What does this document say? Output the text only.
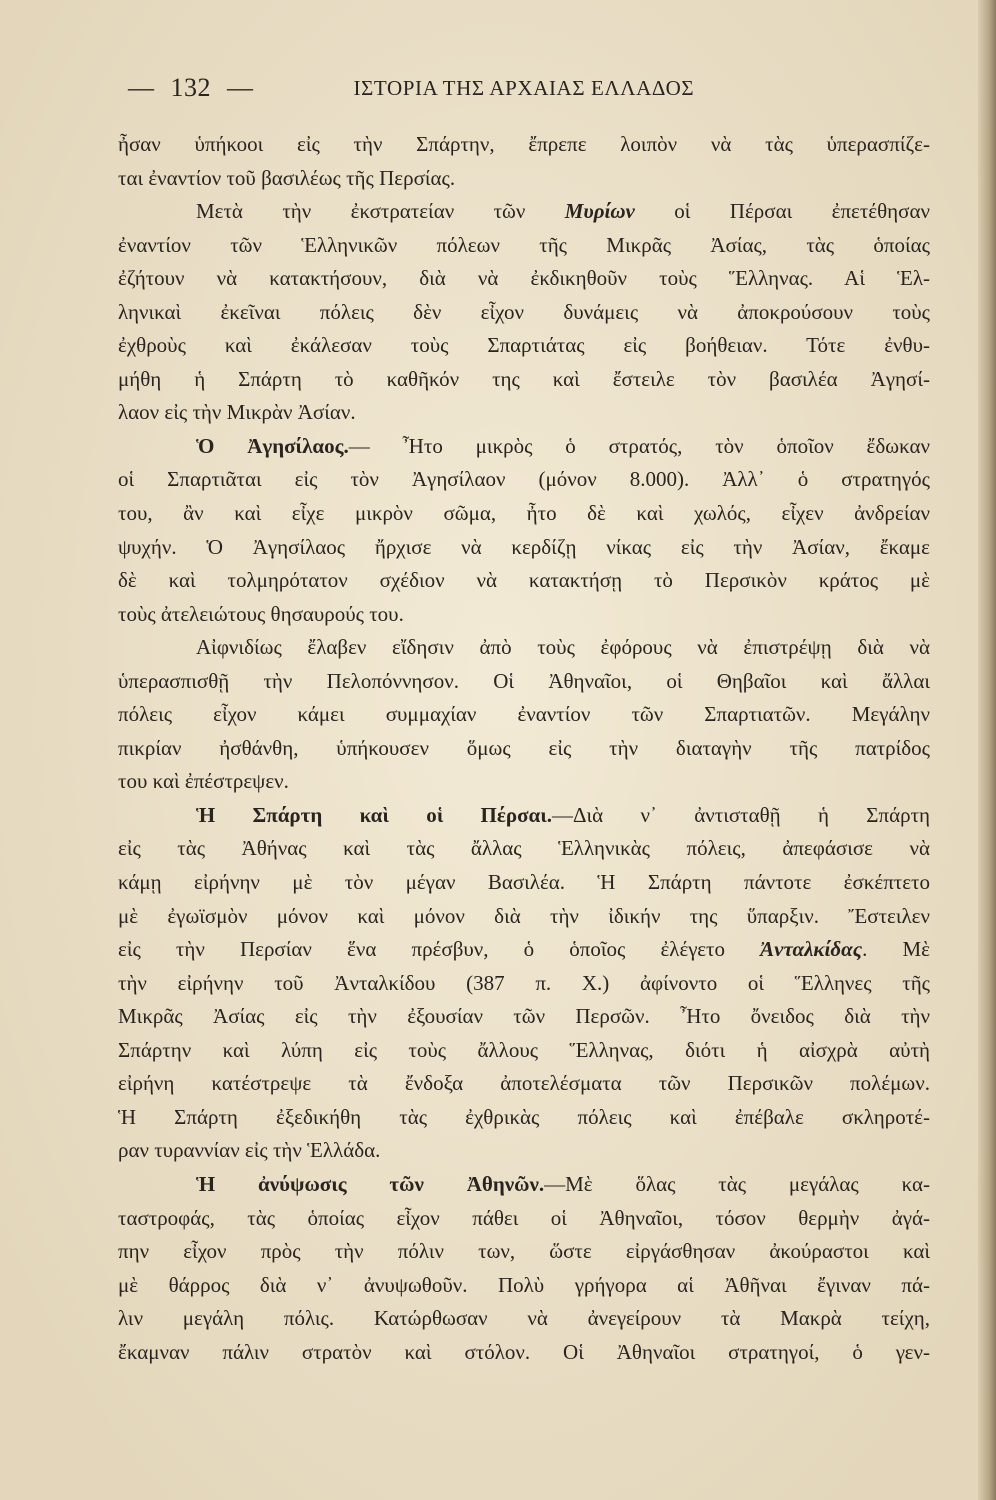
— 132 —	ΙΣΤΟΡΙΑ ΤΗΣ ΑΡΧΑΙΑΣ ΕΛΛΑΔΟΣ
ἦσαν ὑπήκοοι εἰς τὴν Σπάρτην, ἔπρεπε λοιπὸν νὰ τὰς ὑπερασπίζε-
ται ἐναντίον τοῦ βασιλέως τῆς Περσίας.
Μετὰ τὴν ἐκστρατείαν τῶν Μυρίων οἱ Πέρσαι ἐπετέθησαν
ἐναντίον τῶν Ἑλληνικῶν πόλεων τῆς Μικρᾶς Ἀσίας, τὰς ὁποίας
ἐζήτουν νὰ κατακτήσουν, διὰ νὰ ἐκδικηθοῦν τοὺς Ἕλληνας. Αἱ Ἑλ-
ληνικαὶ ἐκεῖναι πόλεις δὲν εἶχον δυνάμεις νὰ ἀποκρούσουν τοὺς
ἐχθροὺς καὶ ἐκάλεσαν τοὺς Σπαρτιάτας εἰς βοήθειαν. Τότε ἐνθυ-
μήθη ἡ Σπάρτη τὸ καθῆκόν της καὶ ἔστειλε τὸν βασιλέα Ἀγησί-
λαον εἰς τὴν Μικρὰν Ἀσίαν.
Ὁ Ἀγησίλαος.— Ἦτο μικρὸς ὁ στρατός, τὸν ὁποῖον ἔδωκαν
οἱ Σπαρτιᾶται εἰς τὸν Ἀγησίλαον (μόνον 8.000). Ἀλλ᾽ ὁ στρατηγός
του, ἂν καὶ εἶχε μικρὸν σῶμα, ἦτο δὲ καὶ χωλός, εἶχεν ἀνδρείαν
ψυχήν. Ὁ Ἀγησίλαος ἤρχισε νὰ κερδίζῃ νίκας εἰς τὴν Ἀσίαν, ἔκαμε
δὲ καὶ τολμηρότατον σχέδιον νὰ κατακτήσῃ τὸ Περσικὸν κράτος μὲ
τοὺς ἀτελειώτους θησαυρούς του.
Αἰφνιδίως ἔλαβεν εἴδησιν ἀπὸ τοὺς ἐφόρους νὰ ἐπιστρέψῃ διὰ νὰ
ὑπερασπισθῇ τὴν Πελοπόννησον. Οἱ Ἀθηναῖοι, οἱ Θηβαῖοι καὶ ἄλλαι
πόλεις εἶχον κάμει συμμαχίαν ἐναντίον τῶν Σπαρτιατῶν. Μεγάλην
πικρίαν ἠσθάνθη, ὑπήκουσεν ὅμως εἰς τὴν διαταγὴν τῆς πατρίδος
του καὶ ἐπέστρεψεν.
Ἡ Σπάρτη καὶ οἱ Πέρσαι.—Διὰ ν᾽ ἀντισταθῇ ἡ Σπάρτη
εἰς τὰς Ἀθήνας καὶ τὰς ἄλλας Ἑλληνικὰς πόλεις, ἀπεφάσισε νὰ
κάμῃ εἰρήνην μὲ τὸν μέγαν Βασιλέα. Ἡ Σπάρτη πάντοτε ἐσκέπτετο
μὲ ἐγωϊσμὸν μόνον καὶ μόνον διὰ τὴν ἰδικήν της ὕπαρξιν. Ἔστειλεν
εἰς τὴν Περσίαν ἕνα πρέσβυν, ὁ ὁποῖος ἐλέγετο Ἀνταλκίδας. Μὲ
τὴν εἰρήνην τοῦ Ἀνταλκίδου (387 π. Χ.) ἀφίνοντο οἱ Ἕλληνες τῆς
Μικρᾶς Ἀσίας εἰς τὴν ἐξουσίαν τῶν Περσῶν. Ἦτο ὄνειδος διὰ τὴν
Σπάρτην καὶ λύπη εἰς τοὺς ἄλλους Ἕλληνας, διότι ἡ αἰσχρὰ αὐτὴ
εἰρήνη κατέστρεψε τὰ ἔνδοξα ἀποτελέσματα τῶν Περσικῶν πολέμων.
Ἡ Σπάρτη ἐξεδικήθη τὰς ἐχθρικὰς πόλεις καὶ ἐπέβαλε σκληροτέ-
ραν τυραννίαν εἰς τὴν Ἑλλάδα.
Ἡ ἀνύψωσις τῶν Ἀθηνῶν.—Μὲ ὅλας τὰς μεγάλας κα-
ταστροφάς, τὰς ὁποίας εἶχον πάθει οἱ Ἀθηναῖοι, τόσον θερμὴν ἀγά-
πην εἶχον πρὸς τὴν πόλιν των, ὥστε εἰργάσθησαν ἀκούραστοι καὶ
μὲ θάρρος διὰ ν᾽ ἀνυψωθοῦν. Πολὺ γρήγορα αἱ Ἀθῆναι ἔγιναν πά-
λιν μεγάλη πόλις. Κατώρθωσαν νὰ ἀνεγείρουν τὰ Μακρὰ τείχη,
ἔκαμναν πάλιν στρατὸν καὶ στόλον. Οἱ Ἀθηναῖοι στρατηγοί, ὁ γεν-
